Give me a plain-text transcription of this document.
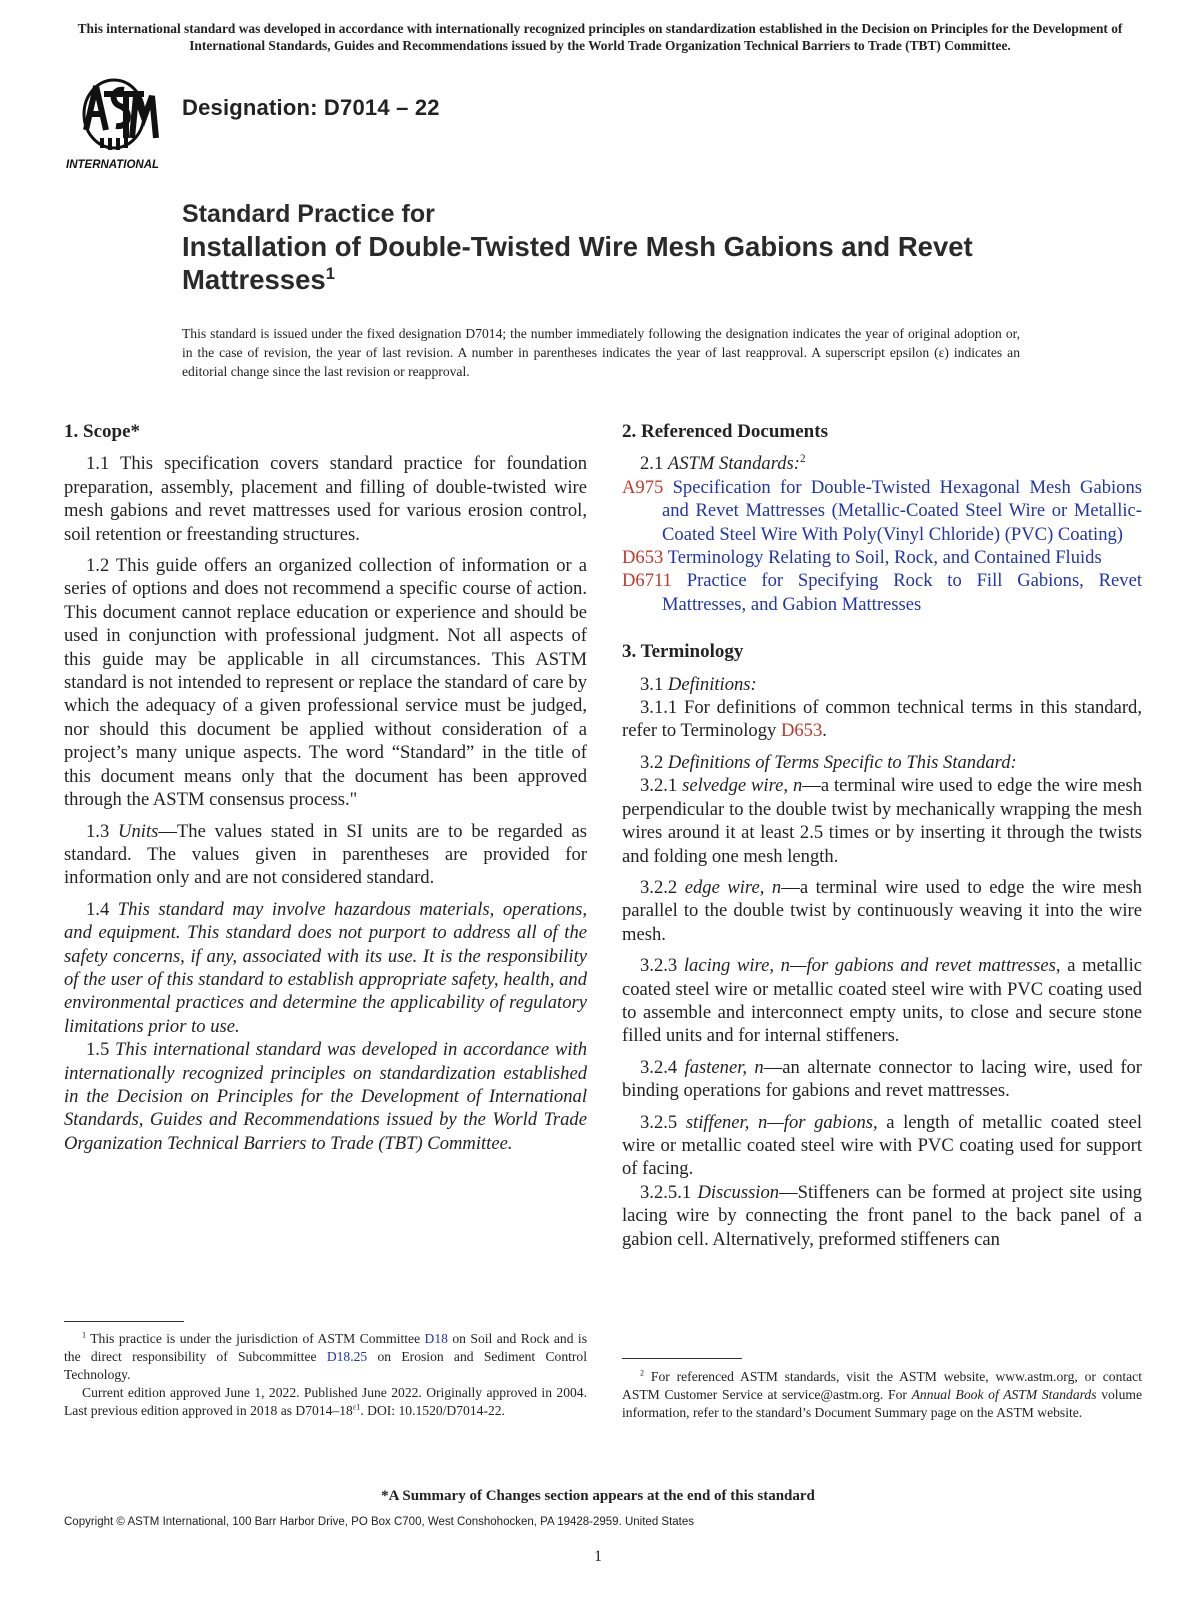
This international standard was developed in accordance with internationally recognized principles on standardization established in the Decision on Principles for the Development of International Standards, Guides and Recommendations issued by the World Trade Organization Technical Barriers to Trade (TBT) Committee.
INTERNATIONAL
Designation: D7014 – 22
Standard Practice for
Installation of Double-Twisted Wire Mesh Gabions and Revet Mattresses$^1$
This standard is issued under the fixed designation D7014; the number immediately following the designation indicates the year of original adoption or, in the case of revision, the year of last revision. A number in parentheses indicates the year of last reapproval. A superscript epsilon (ε) indicates an editorial change since the last revision or reapproval.
1. Scope*

1.1 This specification covers standard practice for foundation preparation, assembly, placement and filling of double-twisted wire mesh gabions and revet mattresses used for various erosion control, soil retention or freestanding structures.

1.2 This guide offers an organized collection of information or a series of options and does not recommend a specific course of action. This document cannot replace education or experience and should be used in conjunction with professional judgment. Not all aspects of this guide may be applicable in all circumstances. This ASTM standard is not intended to represent or replace the standard of care by which the adequacy of a given professional service must be judged, nor should this document be applied without consideration of a project’s many unique aspects. The word “Standard” in the title of this document means only that the document has been approved through the ASTM consensus process."

1.3 Units—The values stated in SI units are to be regarded as standard. The values given in parentheses are provided for information only and are not considered standard.

1.4 This standard may involve hazardous materials, operations, and equipment. This standard does not purport to address all of the safety concerns, if any, associated with its use. It is the responsibility of the user of this standard to establish appropriate safety, health, and environmental practices and determine the applicability of regulatory limitations prior to use.

1.5 This international standard was developed in accordance with internationally recognized principles on standardization established in the Decision on Principles for the Development of International Standards, Guides and Recommendations issued by the World Trade Organization Technical Barriers to Trade (TBT) Committee.

2. Referenced Documents

2.1 ASTM Standards:$^2$

A975 Specification for Double-Twisted Hexagonal Mesh Gabions and Revet Mattresses (Metallic-Coated Steel Wire or Metallic-Coated Steel Wire With Poly(Vinyl Chloride) (PVC) Coating)

D653 Terminology Relating to Soil, Rock, and Contained Fluids

D6711 Practice for Specifying Rock to Fill Gabions, Revet Mattresses, and Gabion Mattresses

3. Terminology

3.1 Definitions:

3.1.1 For definitions of common technical terms in this standard, refer to Terminology D653.

3.2 Definitions of Terms Specific to This Standard:

3.2.1 selvedge wire, n—a terminal wire used to edge the wire mesh perpendicular to the double twist by mechanically wrapping the mesh wires around it at least 2.5 times or by inserting it through the twists and folding one mesh length.

3.2.2 edge wire, n—a terminal wire used to edge the wire mesh parallel to the double twist by continuously weaving it into the wire mesh.

3.2.3 lacing wire, n—for gabions and revet mattresses, a metallic coated steel wire or metallic coated steel wire with PVC coating used to assemble and interconnect empty units, to close and secure stone filled units and for internal stiffeners.

3.2.4 fastener, n—an alternate connector to lacing wire, used for binding operations for gabions and revet mattresses.

3.2.5 stiffener, n—for gabions, a length of metallic coated steel wire or metallic coated steel wire with PVC coating used for support of facing.

3.2.5.1 Discussion—Stiffeners can be formed at project site using lacing wire by connecting the front panel to the back panel of a gabion cell. Alternatively, preformed stiffeners can

$^1$ This practice is under the jurisdiction of ASTM Committee D18 on Soil and Rock and is the direct responsibility of Subcommittee D18.25 on Erosion and Sediment Control Technology.

Current edition approved June 1, 2022. Published June 2022. Originally approved in 2004. Last previous edition approved in 2018 as $D7014-18^{\varepsilon 1}$. DOI: 10.1520/D7014-22.

$^2$ For referenced ASTM standards, visit the ASTM website, www.astm.org, or contact ASTM Customer Service at service@astm.org. For Annual Book of ASTM Standards volume information, refer to the standard’s Document Summary page on the ASTM website.

*A Summary of Changes section appears at the end of this standard
Copyright © ASTM International, 100 Barr Harbor Drive, PO Box C700, West Conshohocken, PA 19428-2959. United States
1
